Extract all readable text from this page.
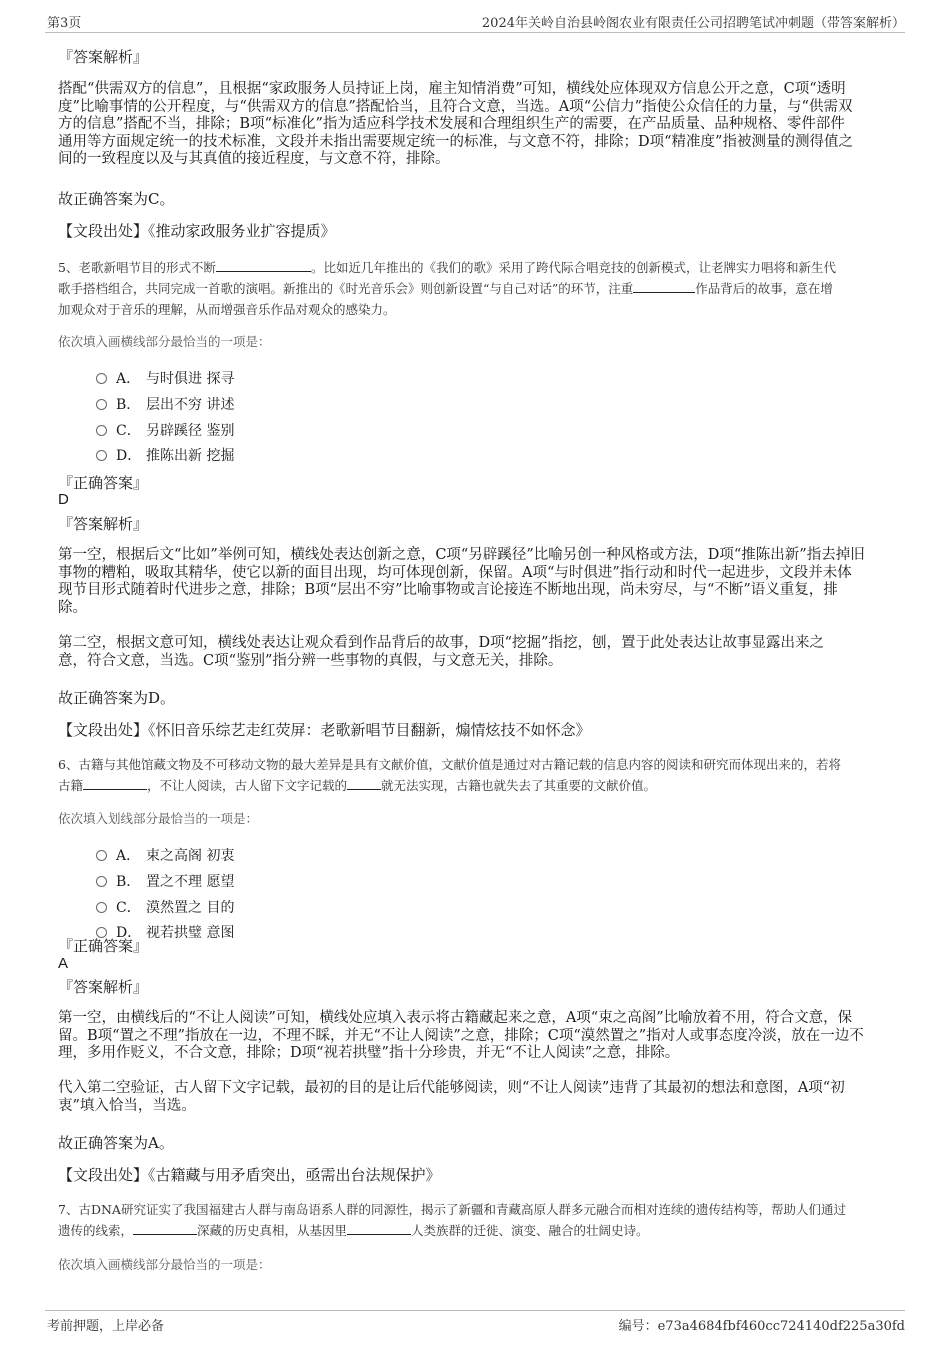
第3页	2024年关岭自治县岭阁农业有限责任公司招聘笔试冲刺题（带答案解析）
『答案解析』
搭配“供需双方的信息”，且根据“家政服务人员持证上岗，雇主知情消费”可知，横线处应体现双方信息公开之意，C项“透明
度”比喻事情的公开程度，与“供需双方的信息”搭配恰当，且符合文意，当选。A项“公信力”指使公众信任的力量，与“供需双
方的信息”搭配不当，排除；B项“标准化”指为适应科学技术发展和合理组织生产的需要，在产品质量、品种规格、零件部件
通用等方面规定统一的技术标准，文段并未指出需要规定统一的标准，与文意不符，排除；D项“精准度”指被测量的测得值之
间的一致程度以及与其真值的接近程度，与文意不符，排除。
故正确答案为C。
【文段出处】《推动家政服务业扩容提质》
5、老歌新唱节目的形式不断	。比如近几年推出的《我们的歌》采用了跨代际合唱竞技的创新模式，让老牌实力唱将和新生代
歌手搭档组合，共同完成一首歌的演唱。新推出的《时光音乐会》则创新设置“与自己对话”的环节，注重	作品背后的故事，意在增
加观众对于音乐的理解，从而增强音乐作品对观众的感染力。
依次填入画横线部分最恰当的一项是：
A． 与时俱进 探寻
B． 层出不穷 讲述
C． 另辟蹊径 鉴别
D． 推陈出新 挖掘
『正确答案』
D
『答案解析』
第一空，根据后文“比如”举例可知，横线处表达创新之意，C项“另辟蹊径”比喻另创一种风格或方法，D项“推陈出新”指去掉旧
事物的糟粕，吸取其精华，使它以新的面目出现，均可体现创新，保留。A项“与时俱进”指行动和时代一起进步，文段并未体
现节目形式随着时代进步之意，排除；B项“层出不穷”比喻事物或言论接连不断地出现，尚未穷尽，与“不断”语义重复，排
除。
第二空，根据文意可知，横线处表达让观众看到作品背后的故事，D项“挖掘”指挖，刨，置于此处表达让故事显露出来之
意，符合文意，当选。C项“鉴别”指分辨一些事物的真假，与文意无关，排除。
故正确答案为D。
【文段出处】《怀旧音乐综艺走红荧屏：老歌新唱节目翻新，煽情炫技不如怀念》
6、古籍与其他馆藏文物及不可移动文物的最大差异是具有文献价值，文献价值是通过对古籍记载的信息内容的阅读和研究而体现出来的，若将
古籍	，不让人阅读，古人留下文字记载的	就无法实现，古籍也就失去了其重要的文献价值。
依次填入划线部分最恰当的一项是：
A． 束之高阁 初衷
B． 置之不理 愿望
C． 漠然置之 目的
D． 视若拱璧 意图
『正确答案』
A
『答案解析』
第一空，由横线后的“不让人阅读”可知，横线处应填入表示将古籍藏起来之意，A项“束之高阁”比喻放着不用，符合文意，保
留。B项“置之不理”指放在一边，不理不睬，并无“不让人阅读”之意，排除；C项“漠然置之”指对人或事态度冷淡，放在一边不
理，多用作贬义，不合文意，排除；D项“视若拱璧”指十分珍贵，并无“不让人阅读”之意，排除。
代入第二空验证，古人留下文字记载，最初的目的是让后代能够阅读，则“不让人阅读”违背了其最初的想法和意图，A项“初
衷”填入恰当，当选。
故正确答案为A。
【文段出处】《古籍藏与用矛盾突出，亟需出台法规保护》
7、古DNA研究证实了我国福建古人群与南岛语系人群的同源性，揭示了新疆和青藏高原人群多元融合而相对连续的遗传结构等，帮助人们通过
遗传的线索，	深藏的历史真相，从基因里	人类族群的迁徙、演变、融合的壮阔史诗。
依次填入画横线部分最恰当的一项是：
考前押题，上岸必备	编号：e73a4684fbf460cc724140df225a30fd
